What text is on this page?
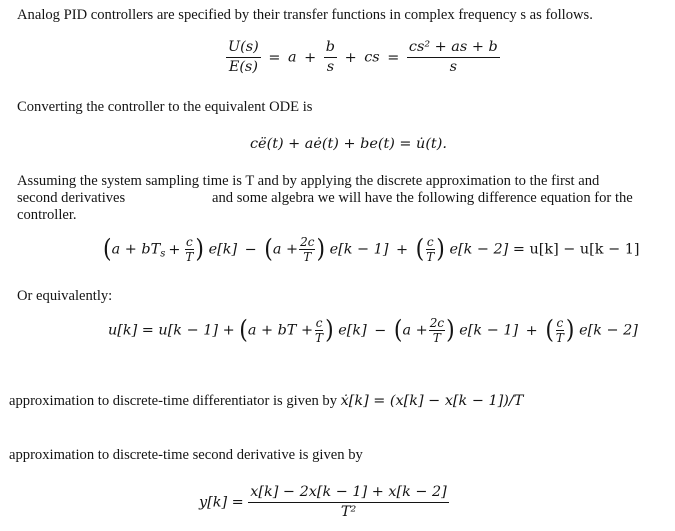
Analog PID controllers are specified by their transfer functions in complex frequency s as follows.
$\frac{U(s)}{E(s)} = a + \frac{b}{s}$ + cs = $\frac{\text{cs² + as + b}}{s}$
Converting the controller to the equivalent ODE is
cë(t) + aė(t) + be(t) = u̇(t).
Assuming the system sampling time is T and by applying the discrete approximation to the first and
second derivatives	and some algebra we will have the following difference equation for the
controller.
($a + bT_s + \frac{c}{T}$ ) $e[k] - (a + \frac{2c}{T}$ ) e[k − 1] + ( $\frac{c}{T}$ ) e[k − 2] = u[k] − u[k − 1]
Or equivalently:
u[k] = u[k − 1] + (a + bT + $\frac{c}{T}$ ) $e[k] - (a + \frac{2c}{T}$ ) e[k − 1] + ( $\frac{c}{T}$ ) e[k − 2]
approximation to discrete-time differentiator is given by ẋ[k] = (x[k] − x[k − 1])/T
approximation to discrete-time second derivative is given by
$y[k] = \frac{x[k] - 2x[k - 1] + x[k - 2]}{\text{T²}}$
